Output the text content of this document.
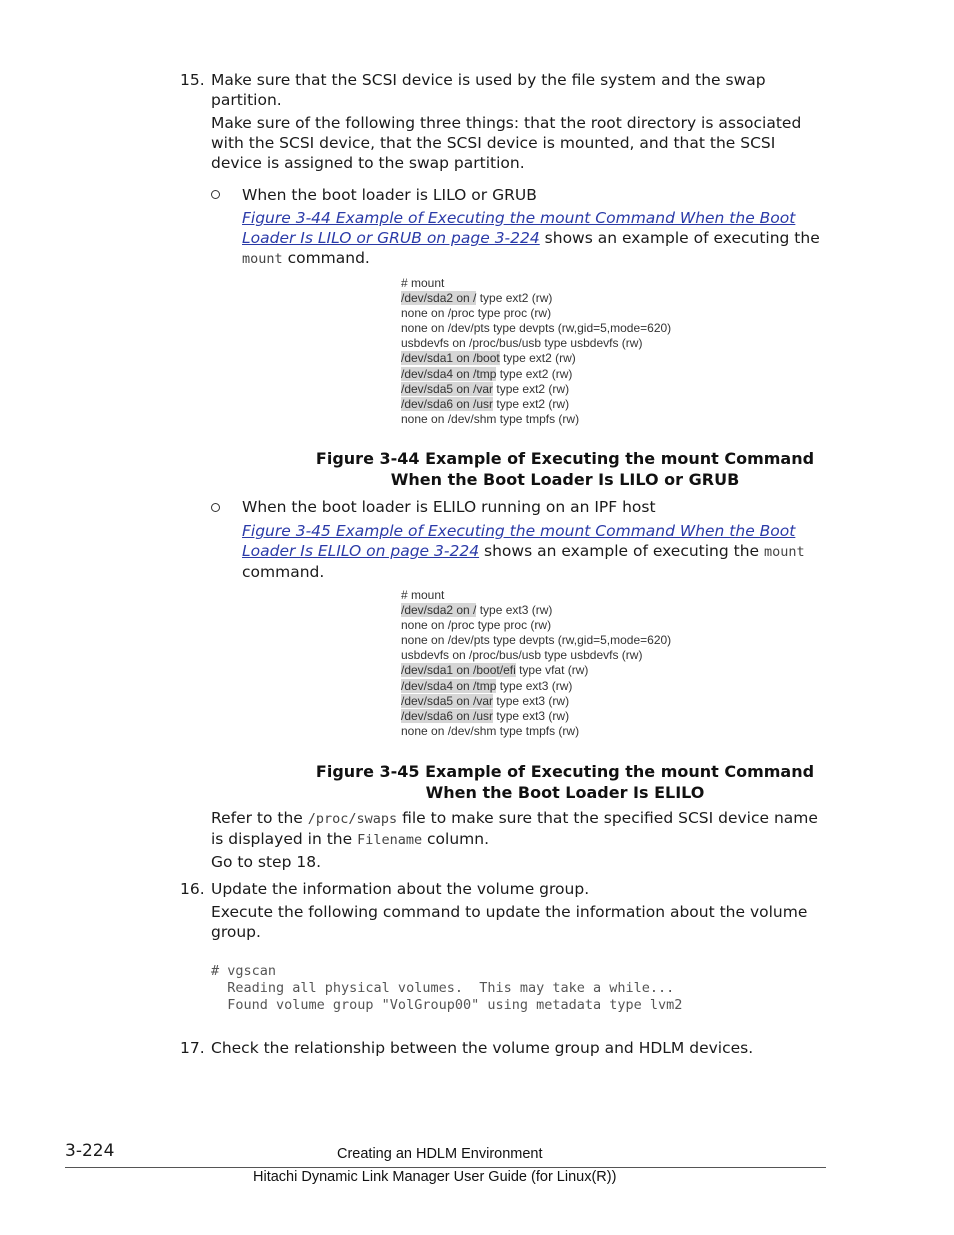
15. Make sure that the SCSI device is used by the file system and the swap partition.

Make sure of the following three things: that the root directory is associated with the SCSI device, that the SCSI device is mounted, and that the SCSI device is assigned to the swap partition.

When the boot loader is LILO or GRUB

Figure 3-44 Example of Executing the mount Command When the Boot Loader Is LILO or GRUB on page 3-224 shows an example of executing the mount command.

# mount
/dev/sda2 on / type ext2 (rw)
none on /proc type proc (rw)
none on /dev/pts type devpts (rw,gid=5,mode=620)
usbdevfs on /proc/bus/usb type usbdevfs (rw)
/dev/sda1 on /boot type ext2 (rw)
/dev/sda4 on /tmp type ext2 (rw)
/dev/sda5 on /var type ext2 (rw)
/dev/sda6 on /usr type ext2 (rw)
none on /dev/shm type tmpfs (rw)

Figure 3-44 Example of Executing the mount Command
When the Boot Loader Is LILO or GRUB

When the boot loader is ELILO running on an IPF host

Figure 3-45 Example of Executing the mount Command When the Boot Loader Is ELILO on page 3-224 shows an example of executing the mount command.

# mount
/dev/sda2 on / type ext3 (rw)
none on /proc type proc (rw)
none on /dev/pts type devpts (rw,gid=5,mode=620)
usbdevfs on /proc/bus/usb type usbdevfs (rw)
/dev/sda1 on /boot/efi type vfat (rw)
/dev/sda4 on /tmp type ext3 (rw)
/dev/sda5 on /var type ext3 (rw)
/dev/sda6 on /usr type ext3 (rw)
none on /dev/shm type tmpfs (rw)

Figure 3-45 Example of Executing the mount Command
When the Boot Loader Is ELILO

Refer to the /proc/swaps file to make sure that the specified SCSI device name is displayed in the Filename column.

Go to step 18.

16. Update the information about the volume group.

Execute the following command to update the information about the volume group.

# vgscan
Reading all physical volumes.  This may take a while...
Found volume group "VolGroup00" using metadata type lvm2
17. Check the relationship between the volume group and HDLM devices.

3-224	Creating an HDLM Environment
Hitachi Dynamic Link Manager User Guide (for Linux(R))
